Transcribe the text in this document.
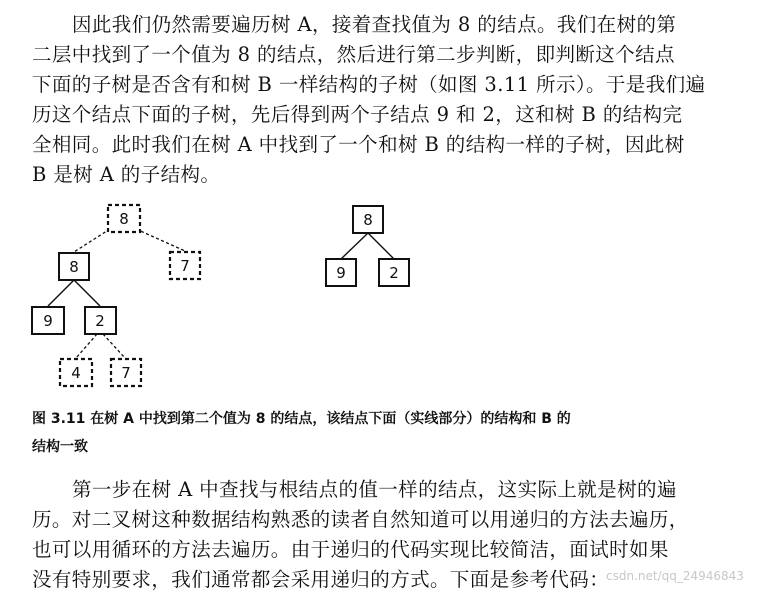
因此我们仍然需要遍历树 A，接着查找值为 8 的结点。我们在树的第
二层中找到了一个值为 8 的结点，然后进行第二步判断，即判断这个结点
下面的子树是否含有和树 B 一样结构的子树（如图 3.11 所示）。于是我们遍
历这个结点下面的子树，先后得到两个子结点 9 和 2，这和树 B 的结构完
全相同。此时我们在树 A 中找到了一个和树 B 的结构一样的子树，因此树
B 是树 A 的子结构。
8
7
8
9	2
4	7
8
9	2
图 3.11 在树 A 中找到第二个值为 8 的结点，该结点下面（实线部分）的结构和 B 的
结构一致
第一步在树 A 中查找与根结点的值一样的结点，这实际上就是树的遍
历。对二叉树这种数据结构熟悉的读者自然知道可以用递归的方法去遍历，
也可以用循环的方法去遍历。由于递归的代码实现比较简洁，面试时如果
没有特别要求，我们通常都会采用递归的方式。下面是参考代码：
csdn.net/qq_24946843
